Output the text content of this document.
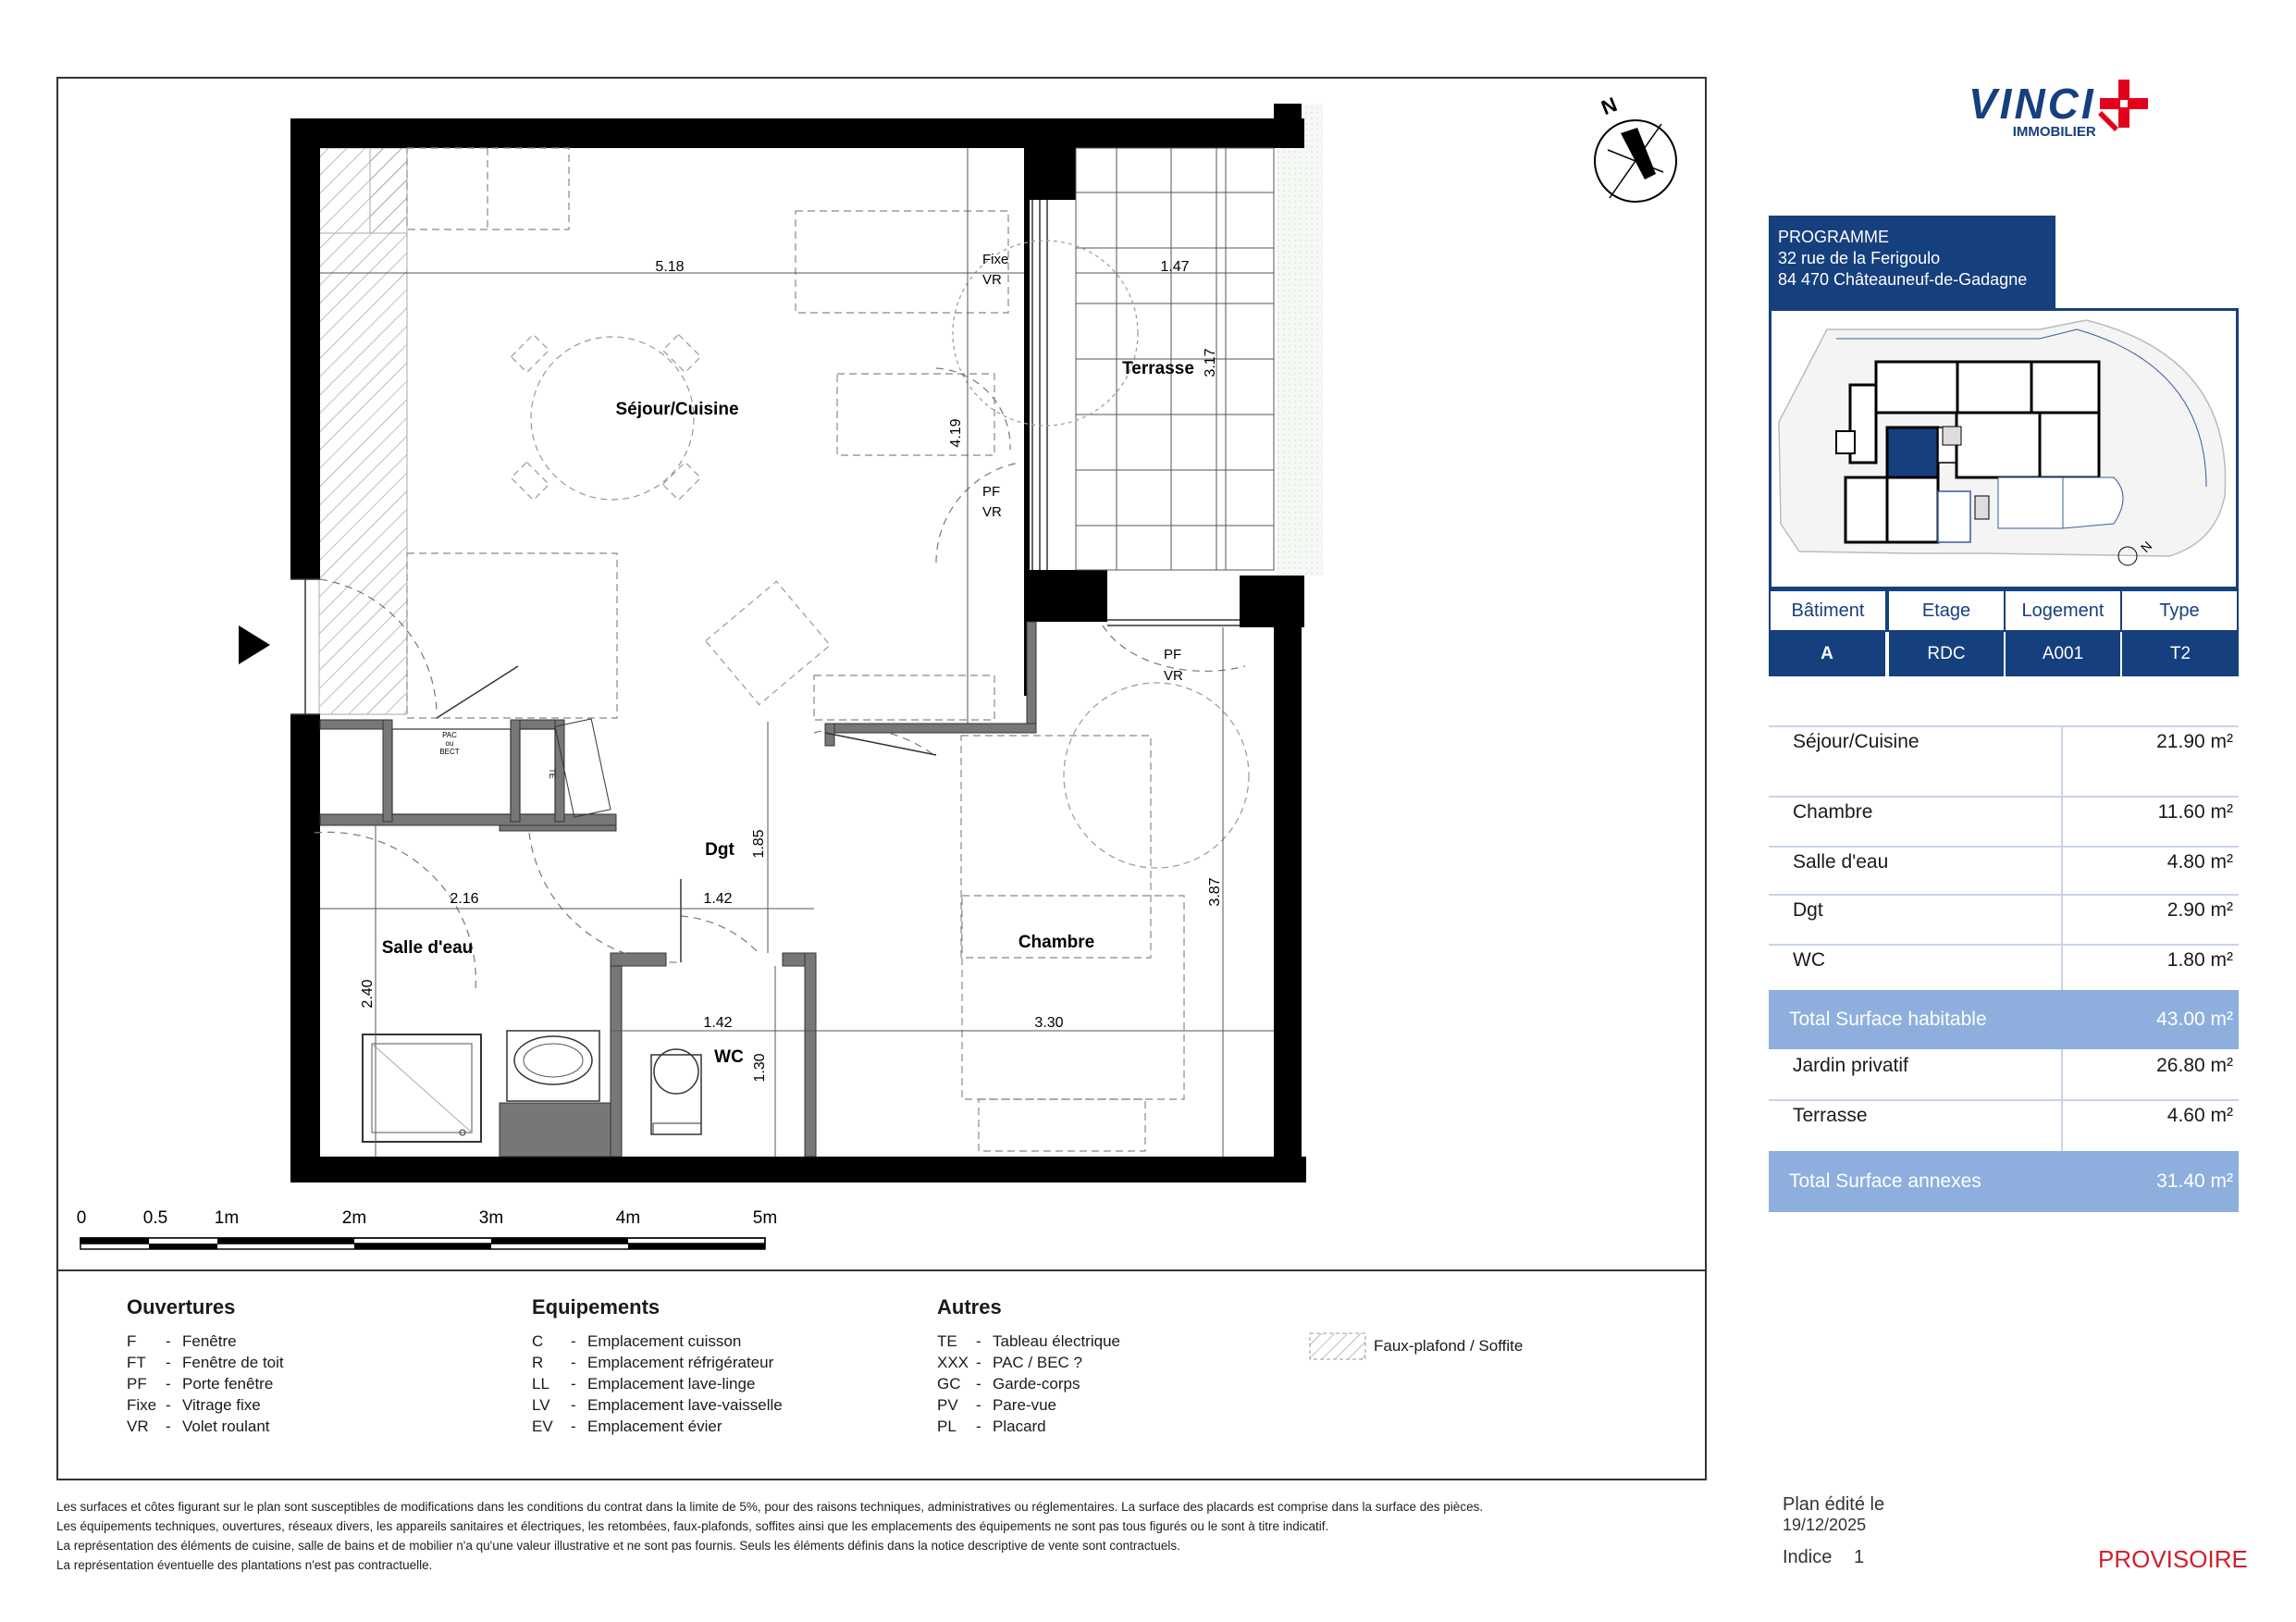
Séjour/Cuisine
Terrasse
Dgt
Salle d'eau	Chambre
WC
5.18	1.47
3.17
4.19
1.85
3.87
2.16	1.42
2.40
1.42	3.30
1.30
Fixe
VR
PF
VR
PF
VR
PAC
ou
BECT
TE
N
0	0.5	1m	2m	3m	4m	5m
Ouvertures
F	- Fenêtre
FT	- Fenêtre de toit
PF	- Porte fenêtre
Fixe - Vitrage fixe
VR	- Volet roulant
Equipements
C	- Emplacement cuisson
R	- Emplacement réfrigérateur
LL	- Emplacement lave-linge
LV	- Emplacement lave-vaisselle
EV	- Emplacement évier
Autres
TE	- Tableau électrique
XXX - PAC / BEC ?
GC - Garde-corps
PV	- Pare-vue
PL	- Placard
Faux-plafond / Soffite
Les surfaces et côtes figurant sur le plan sont susceptibles de modifications dans les conditions du contrat dans la limite de 5%, pour des raisons techniques, administratives ou réglementaires. La surface des placards est comprise dans la surface des pièces.
Les équipements techniques, ouvertures, réseaux divers, les appareils sanitaires et électriques, les retombées, faux-plafonds, soffites ainsi que les emplacements des équipements ne sont pas tous figurés ou le sont à titre indicatif.
La représentation des éléments de cuisine, salle de bains et de mobilier n'a qu'une valeur illustrative et ne sont pas fournis. Seuls les éléments définis dans la notice descriptive de vente sont contractuels.
La représentation éventuelle des plantations n'est pas contractuelle.
VINCI
IMMOBILIER
PROGRAMME
32 rue de la Ferigoulo
84 470 Châteauneuf-de-Gadagne
N
Bâtiment	Etage	Logement	Type
A	RDC	A001	T2
Séjour/Cuisine	21.90 m²
Chambre	11.60 m²
Salle d'eau	4.80 m²
Dgt	2.90 m²
WC	1.80 m²
Total Surface habitable	43.00 m²
Jardin privatif	26.80 m²
Terrasse	4.60 m²
Total Surface annexes	31.40 m²
Plan édité le
19/12/2025
Indice 1	PROVISOIRE
